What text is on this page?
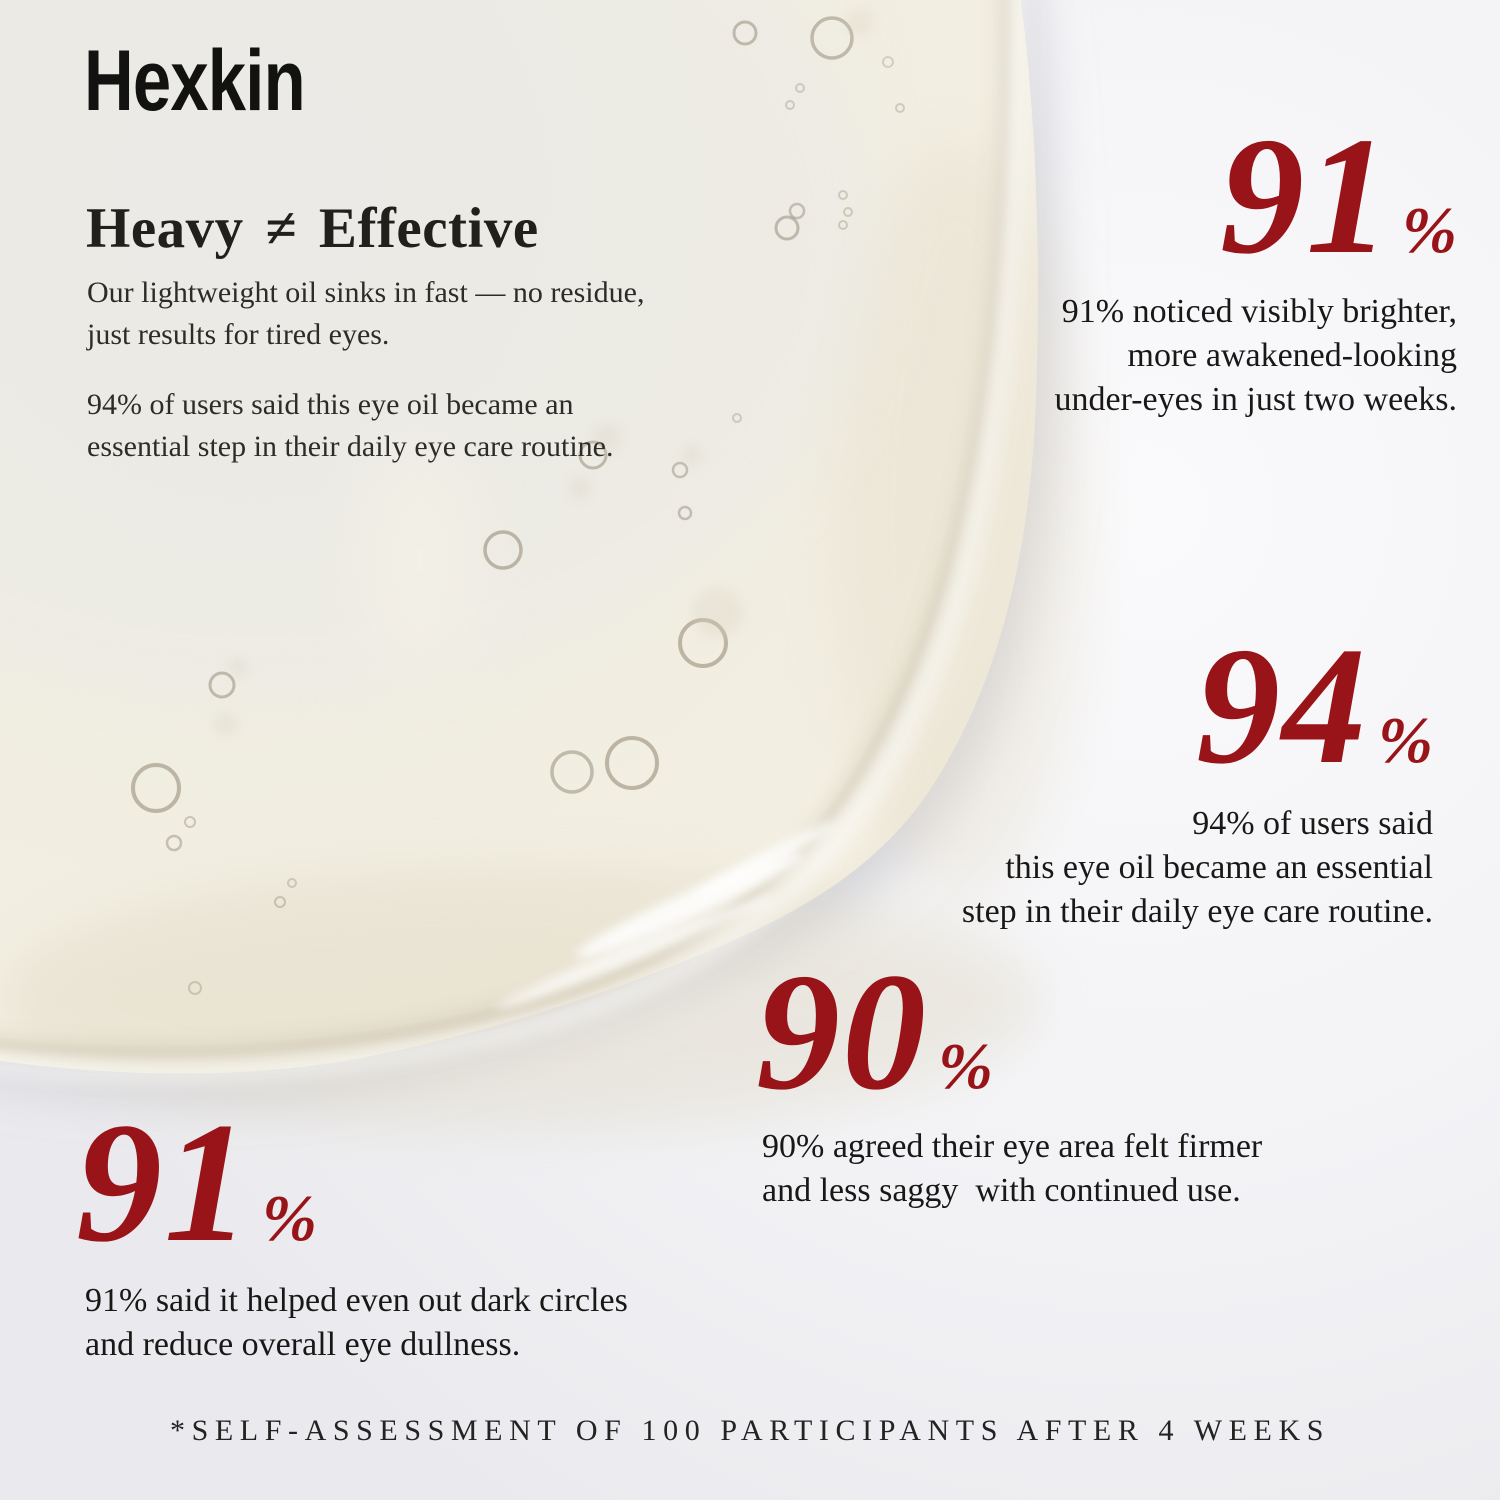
Hexkin
Heavy ≠ Effective

Our lightweight oil sinks in fast — no residue,
just results for tired eyes.

94% of users said this eye oil became an
essential step in their daily eye care routine.

91 %
91% noticed visibly brighter,
more awakened-looking
under-eyes in just two weeks.
94 %
94% of users said
this eye oil became an essential
step in their daily eye care routine.
90 %
90% agreed their eye area felt firmer
and less saggy  with continued use.
91 %
91% said it helped even out dark circles
and reduce overall eye dullness.
*SELF-ASSESSMENT OF 100 PARTICIPANTS AFTER 4 WEEKS
